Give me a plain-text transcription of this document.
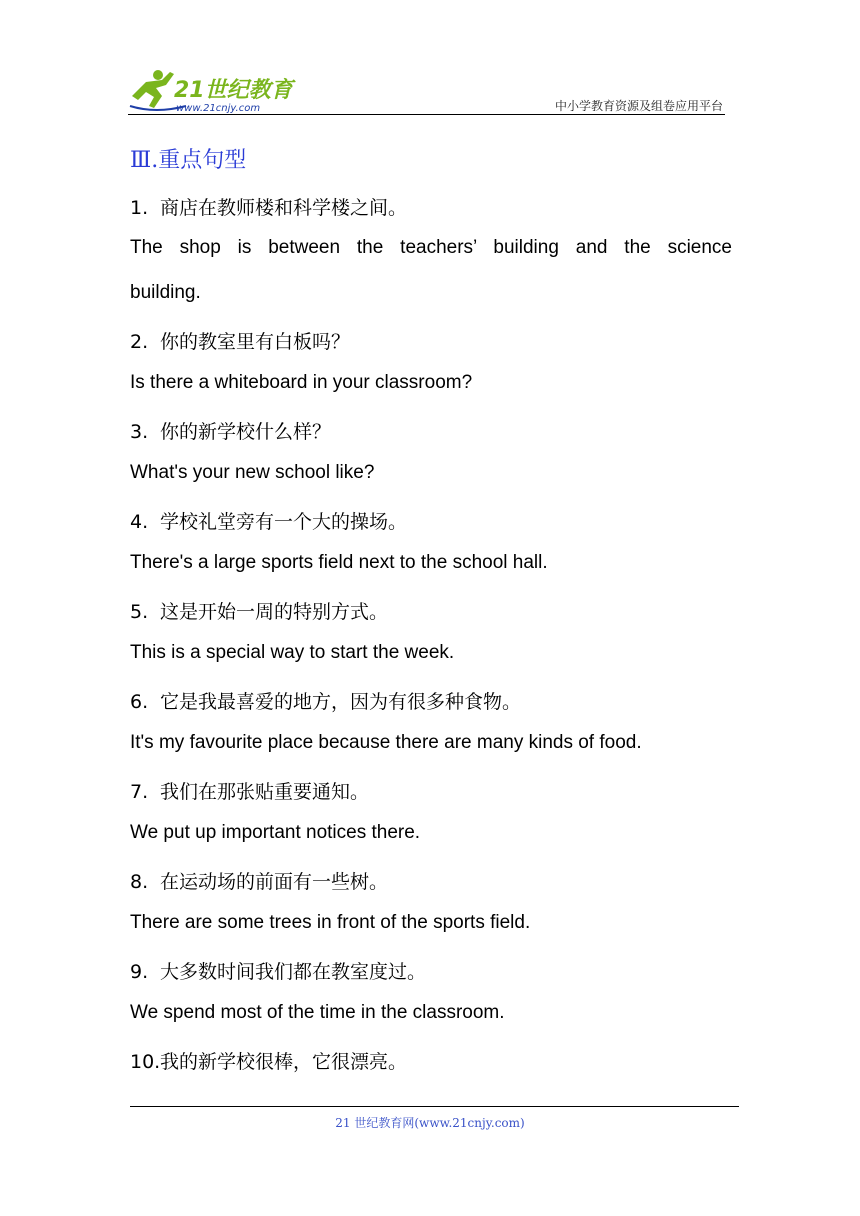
21世纪教育
www.21cnjy.com	中小学教育资源及组卷应用平台
Ⅲ.重点句型
1. 商店在教师楼和科学楼之间。
The shop is between the teachers’ building and the science
building.
2. 你的教室里有白板吗？
Is there a whiteboard in your classroom?
3. 你的新学校什么样？
What's your new school like?
4. 学校礼堂旁有一个大的操场。
There's a large sports field next to the school hall.
5. 这是开始一周的特别方式。
This is a special way to start the week.
6. 它是我最喜爱的地方，因为有很多种食物。
It's my favourite place because there are many kinds of food.
7. 我们在那张贴重要通知。
We put up important notices there.
8. 在运动场的前面有一些树。
There are some trees in front of the sports field.
9. 大多数时间我们都在教室度过。
We spend most of the time in the classroom.
10.我的新学校很棒，它很漂亮。
21 世纪教育网(www.21cnjy.com)
